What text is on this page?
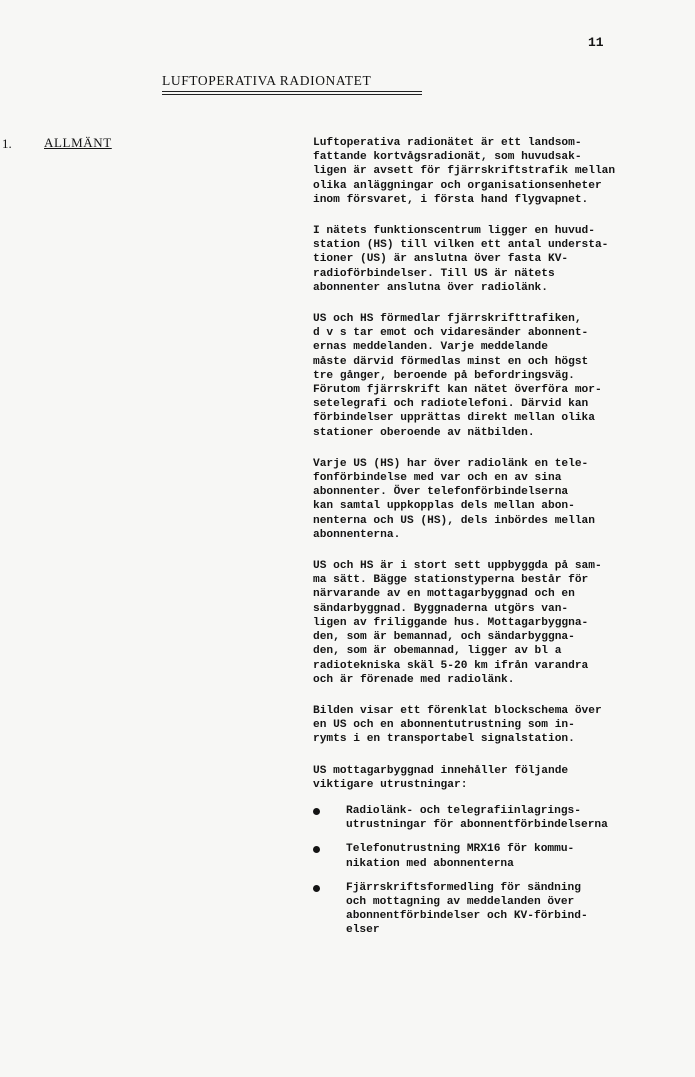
11
LUFTOPERATIVA RADIONATET
1. ALLMÄNT	Luftoperativa radionätet är ett landsom-
fattande kortvågsradionät, som huvudsak-
ligen är avsett för fjärrskriftstrafik mellan
olika anläggningar och organisationsenheter
inom försvaret, i första hand flygvapnet.
I nätets funktionscentrum ligger en huvud-
station (HS) till vilken ett antal understa-
tioner (US) är anslutna över fasta KV-
radioförbindelser. Till US är nätets
abonnenter anslutna över radiolänk.
US och HS förmedlar fjärrskrifttrafiken,
d v s tar emot och vidaresänder abonnent-
ernas meddelanden. Varje meddelande
måste därvid förmedlas minst en och högst
tre gånger, beroende på befordringsväg.
Förutom fjärrskrift kan nätet överföra mor-
setelegrafi och radiotelefoni. Därvid kan
förbindelser upprättas direkt mellan olika
stationer oberoende av nätbilden.
Varje US (HS) har över radiolänk en tele-
fonförbindelse med var och en av sina
abonnenter. Över telefonförbindelserna
kan samtal uppkopplas dels mellan abon-
nenterna och US (HS), dels inbördes mellan
abonnenterna.
US och HS är i stort sett uppbyggda på sam-
ma sätt. Bägge stationstyperna består för
närvarande av en mottagarbyggnad och en
sändarbyggnad. Byggnaderna utgörs van-
ligen av friliggande hus. Mottagarbyggna-
den, som är bemannad, och sändarbyggna-
den, som är obemannad, ligger av bl a
radiotekniska skäl 5-20 km ifrån varandra
och är förenade med radiolänk.
Bilden visar ett förenklat blockschema över
en US och en abonnentutrustning som in-
rymts i en transportabel signalstation.
US mottagarbyggnad innehåller följande
viktigare utrustningar:
Radiolänk- och telegrafiinlagrings-
utrustningar för abonnentförbindelserna
Telefonutrustning MRX16 för kommu-
nikation med abonnenterna
Fjärrskriftsformedling för sändning
och mottagning av meddelanden över
abonnentförbindelser och KV-förbind-
elser
